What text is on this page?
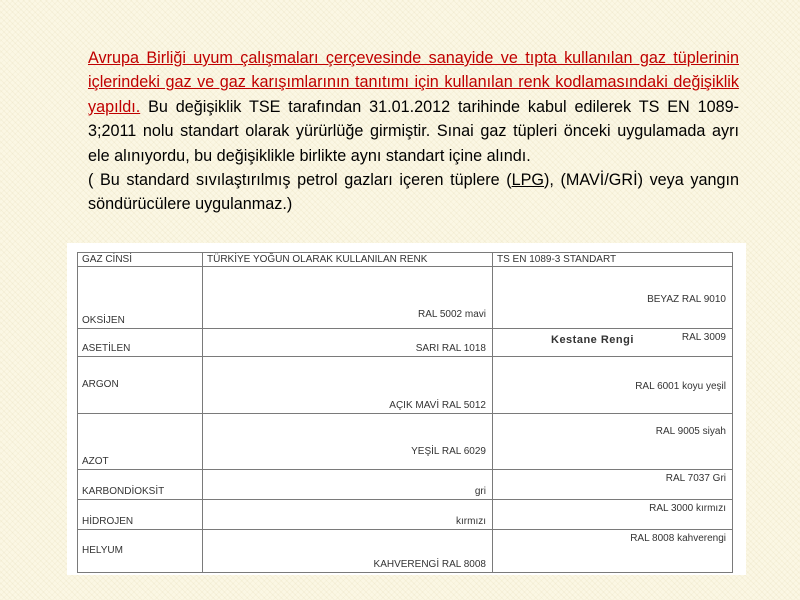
Avrupa Birliği uyum çalışmaları çerçevesinde sanayide ve tıpta kullanılan gaz tüplerinin içlerindeki gaz ve gaz karışımlarının tanıtımı için kullanılan renk kodlamasındaki değişiklik yapıldı. Bu değişiklik TSE tarafından 31.01.2012 tarihinde kabul edilerek TS EN 1089-3;2011 nolu standart olarak yürürlüğe girmiştir. Sınai gaz tüpleri önceki uygulamada ayrı ele alınıyordu, bu değişiklikle birlikte aynı standart içine alındı.
( Bu standard sıvılaştırılmış petrol gazları içeren tüplere (LPG), (MAVİ/GRİ) veya yangın söndürücülere uygulanmaz.)
GAZ CİNSİ	TÜRKİYE YOĞUN OLARAK KULLANILAN RENK	TS EN 1089-3 STANDART
OKSİJEN	RAL 5002 mavi	BEYAZ RAL 9010
ASETİLEN	SARI RAL 1018	Kestane Rengi RAL 3009
ARGON	AÇIK MAVİ RAL 5012	RAL 6001 koyu yeşil
AZOT	YEŞİL RAL 6029	RAL 9005 siyah
KARBONDİOKSİT	gri	RAL 7037 Gri
HİDROJEN	kırmızı	RAL 3000 kırmızı
HELYUM	KAHVERENGİ RAL 8008	RAL 8008 kahverengi
